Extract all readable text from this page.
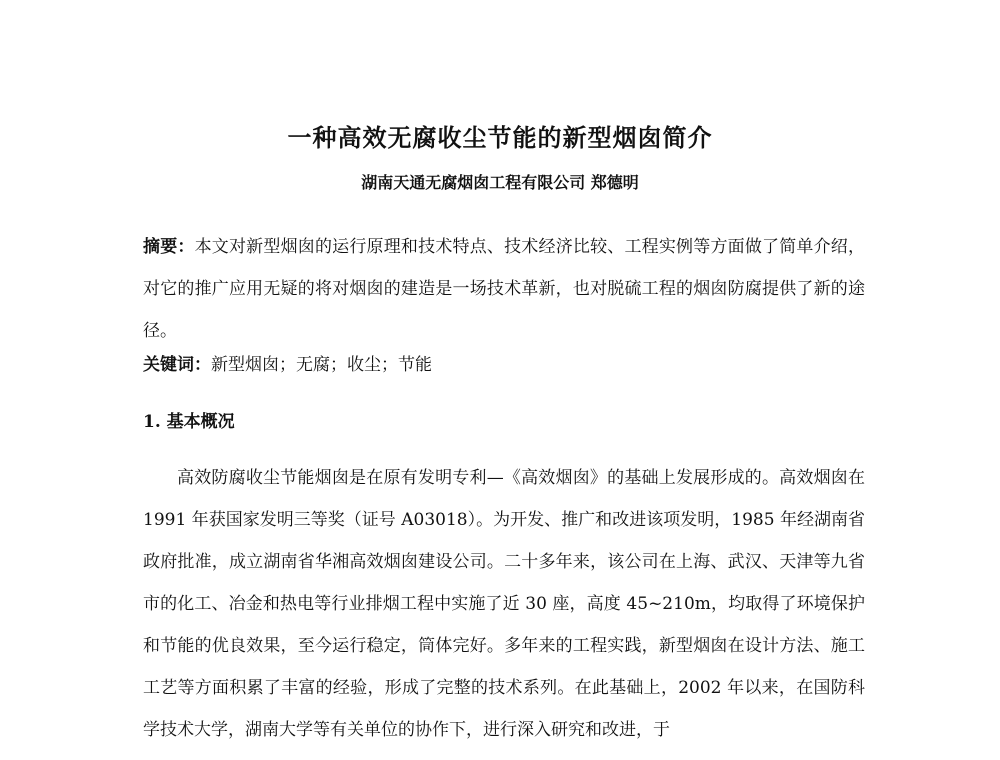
一种高效无腐收尘节能的新型烟囱简介
湖南天通无腐烟囱工程有限公司 郑德明

摘要：本文对新型烟囱的运行原理和技术特点、技术经济比较、工程实例等方面做了简单介绍，对它的推广应用无疑的将对烟囱的建造是一场技术革新，也对脱硫工程的烟囱防腐提供了新的途径。

关键词：新型烟囱；无腐；收尘；节能

1. 基本概况

高效防腐收尘节能烟囱是在原有发明专利—《高效烟囱》的基础上发展形成的。高效烟囱在 1991 年获国家发明三等奖（证号 A03018）。为开发、推广和改进该项发明，1985 年经湖南省政府批准，成立湖南省华湘高效烟囱建设公司。二十多年来，该公司在上海、武汉、天津等九省市的化工、冶金和热电等行业排烟工程中实施了近 30 座，高度 45~210m，均取得了环境保护和节能的优良效果，至今运行稳定，筒体完好。多年来的工程实践，新型烟囱在设计方法、施工工艺等方面积累了丰富的经验，形成了完整的技术系列。在此基础上，2002 年以来，在国防科学技术大学，湖南大学等有关单位的协作下，进行深入研究和改进，于
